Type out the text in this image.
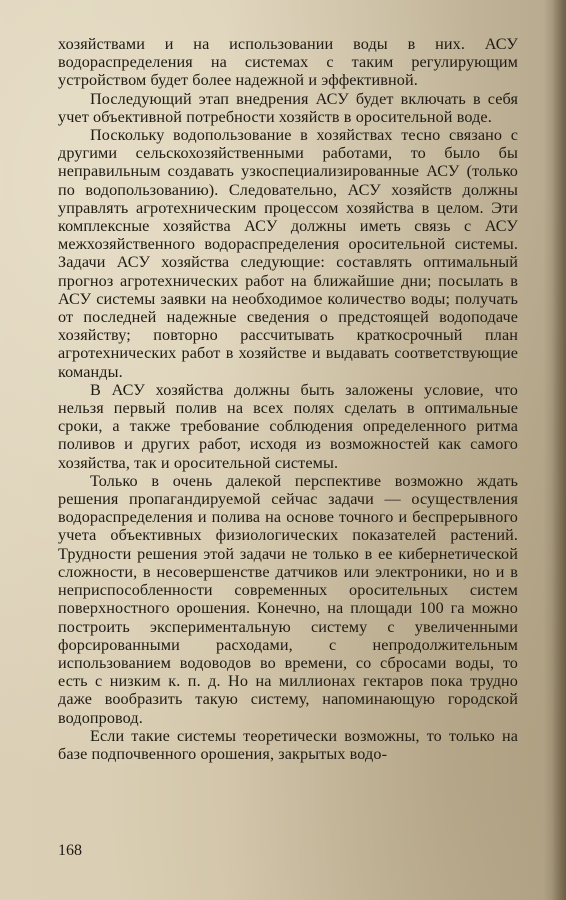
хозяйствами и на использовании воды в них. АСУ водораспределения на системах с таким регулирующим устройством будет более надежной и эффективной.

Последующий этап внедрения АСУ будет включать в себя учет объективной потребности хозяйств в оросительной воде.

Поскольку водопользование в хозяйствах тесно связано с другими сельскохозяйственными работами, то было бы неправильным создавать узкоспециализированные АСУ (только по водопользованию). Следовательно, АСУ хозяйств должны управлять агротехническим процессом хозяйства в целом. Эти комплексные хозяйства АСУ должны иметь связь с АСУ межхозяйственного водораспределения оросительной системы. Задачи АСУ хозяйства следующие: составлять оптимальный прогноз агротехнических работ на ближайшие дни; посылать в АСУ системы заявки на необходимое количество воды; получать от последней надежные сведения о предстоящей водоподаче хозяйству; повторно рассчитывать краткосрочный план агротехнических работ в хозяйстве и выдавать соответствующие команды.

В АСУ хозяйства должны быть заложены условие, что нельзя первый полив на всех полях сделать в оптимальные сроки, а также требование соблюдения определенного ритма поливов и других работ, исходя из возможностей как самого хозяйства, так и оросительной системы.

Только в очень далекой перспективе возможно ждать решения пропагандируемой сейчас задачи — осуществления водораспределения и полива на основе точного и беспрерывного учета объективных физиологических показателей растений. Трудности решения этой задачи не только в ее кибернетической сложности, в несовершенстве датчиков или электроники, но и в неприспособленности современных оросительных систем поверхностного орошения. Конечно, на площади 100 га можно построить экспериментальную систему с увеличенными форсированными расходами, с непродолжительным использованием водоводов во времени, со сбросами воды, то есть с низким к. п. д. Но на миллионах гектаров пока трудно даже вообразить такую систему, напоминающую городской водопровод.

Если такие системы теоретически возможны, то только на базе подпочвенного орошения, закрытых водо-

168
